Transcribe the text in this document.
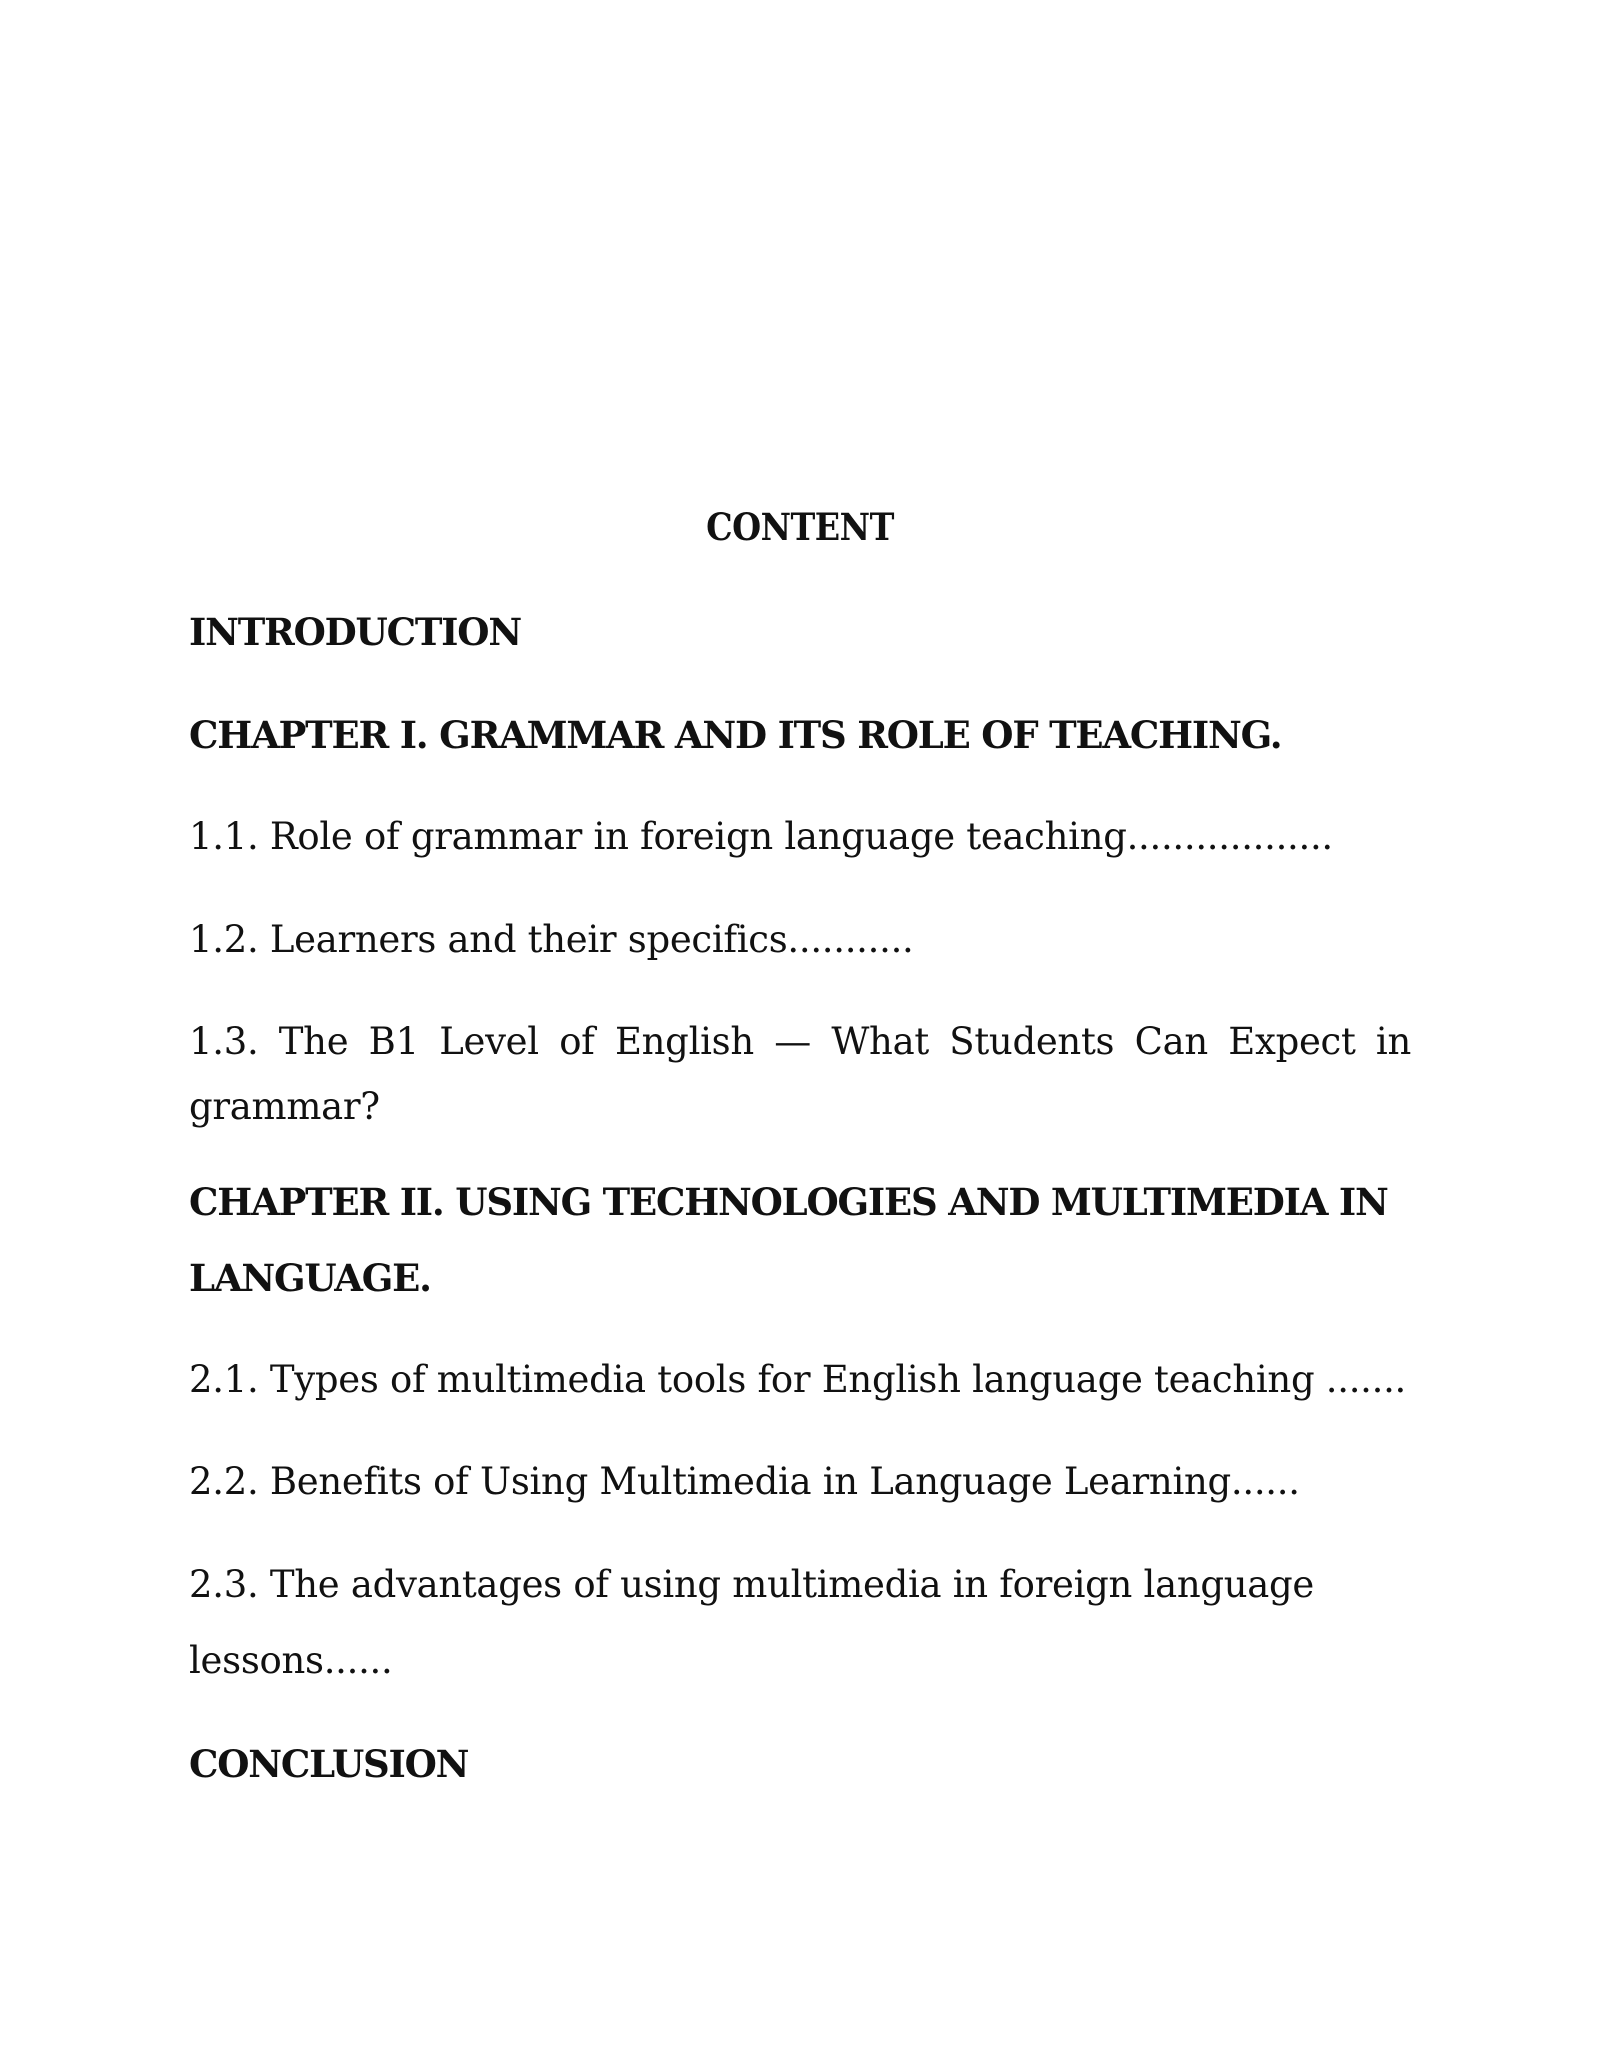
CONTENT
INTRODUCTION
CHAPTER I. GRAMMAR AND ITS ROLE OF TEACHING.
1.1. Role of grammar in foreign language teaching..................
1.2. Learners and their specifics...........
1.3. The B1 Level of English — What Students Can Expect in
grammar?
CHAPTER II. USING TECHNOLOGIES AND MULTIMEDIA IN
LANGUAGE.
2.1. Types of multimedia tools for English language teaching .......
2.2. Benefits of Using Multimedia in Language Learning......
2.3. The advantages of using multimedia in foreign language
lessons......
CONCLUSION
